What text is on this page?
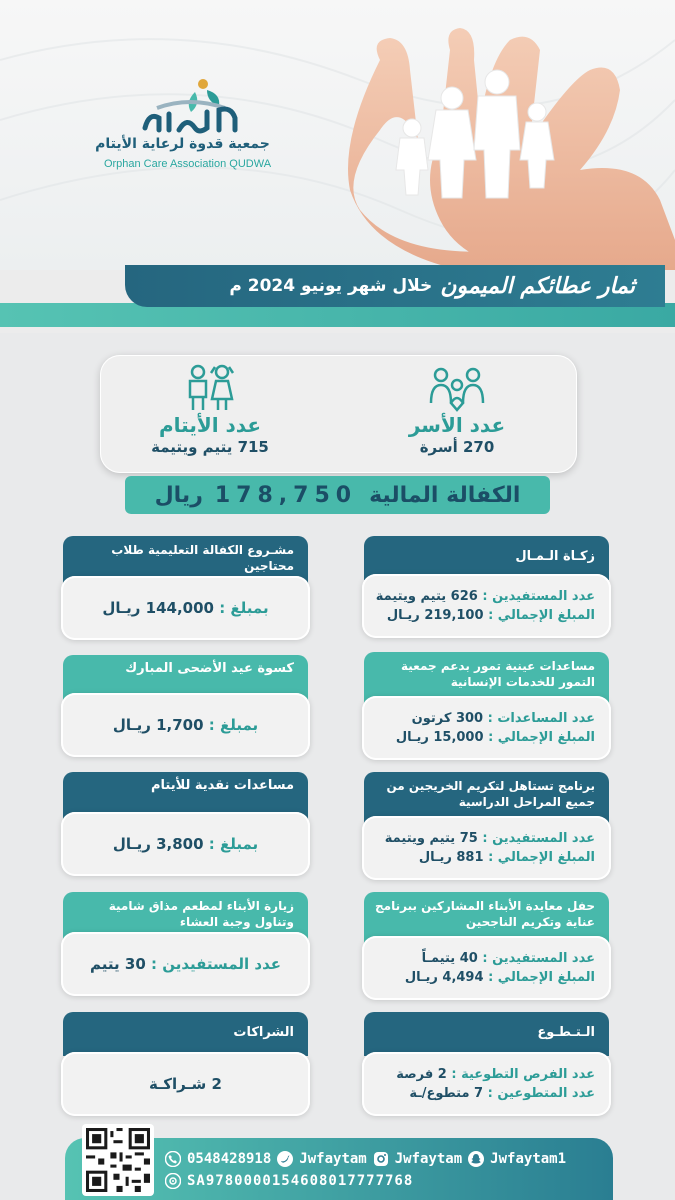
جمعية قدوة لرعاية الأيتام
Orphan Care Association QUDWA
ثمار عطائكم الميمون
خلال شهر يونيو 2024 م
عدد الأسر
270 أسرة
عدد الأيتام
715 يتيم ويتيمة
الكفالة المالية
178,750
ريال
زكـاة الـمـال
عدد المستفيدين : 626 يتيم ويتيمة
المبلغ الإجمالي : 219,100 ريـال
مساعدات عينية تمور بدعم جمعية التمور للخدمات الإنسانية
عدد المساعدات : 300 كرتون
المبلغ الإجمالي : 15,000 ريـال
برنامج تستاهل لتكريم الخريجين من جميع المراحل الدراسية
عدد المستفيدين : 75 يتيم ويتيمة
المبلغ الإجمالي : 881 ريـال
حفل معايدة الأبناء المشاركين ببرنامج عناية وتكريم الناجحين
عدد المستفيدين : 40 يتيمـاً
المبلغ الإجمالي : 4,494 ريـال
الـتـطـوع
عدد الفرص التطوعية : 2 فرصة
عدد المتطوعين : 7 متطوع/ـة
مشـروع الكفالة التعليمية طلاب محتاجين
بمبلغ : 144,000 ريـال
كسوة عيد الأضحى المبارك
بمبلغ : 1,700 ريـال
مساعدات نقدية للأيتام
بمبلغ : 3,800 ريـال
زيارة الأبناء لمطعم مذاق شامية وتناول وجبة العشاء
عدد المستفيدين : 30 يتيم
الشراكات
2 شـراكـة
0548428918 Jwfaytam Jwfaytam Jwfaytam1
SA9780000154608017777768
